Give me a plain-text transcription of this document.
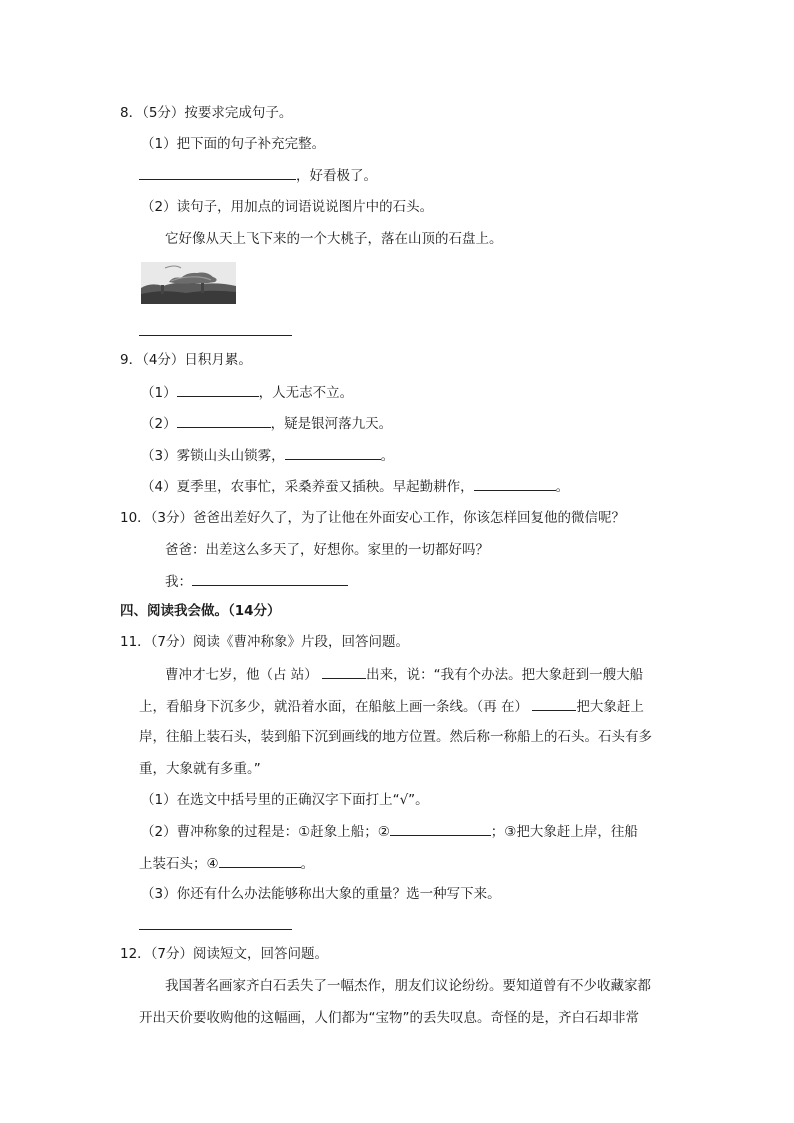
8．（5分）按要求完成句子。
（1）把下面的句子补充完整。
，好看极了。
（2）读句子，用加点的词语说说图片中的石头。
它好像从天上飞下来的一个大桃子，落在山顶的石盘上。
9．（4分）日积月累。
（1）	，人无志不立。
（2）	，疑是银河落九天。
（3）雾锁山头山锁雾，	。
（4）夏季里，农事忙，采桑养蚕又插秧。早起勤耕作，	。
10．（3分）爸爸出差好久了，为了让他在外面安心工作，你该怎样回复他的微信呢？
爸爸：出差这么多天了，好想你。家里的一切都好吗？
我：
四、阅读我会做。（14分）
11．（7分）阅读《曹冲称象》片段，回答问题。
曹冲才七岁，他（占 站）	出来，说：“我有个办法。把大象赶到一艘大船
上，看船身下沉多少，就沿着水面，在船舷上画一条线。（再 在）	把大象赶上
岸，往船上装石头，装到船下沉到画线的地方位置。然后称一称船上的石头。石头有多
重，大象就有多重。”
（1）在选文中括号里的正确汉字下面打上“√”。
（2）曹冲称象的过程是：①赶象上船；②	；③把大象赶上岸，往船
上装石头；④	。
（3）你还有什么办法能够称出大象的重量？选一种写下来。
12．（7分）阅读短文，回答问题。
我国著名画家齐白石丢失了一幅杰作，朋友们议论纷纷。要知道曾有不少收藏家都
开出天价要收购他的这幅画，人们都为“宝物”的丢失叹息。奇怪的是，齐白石却非常
